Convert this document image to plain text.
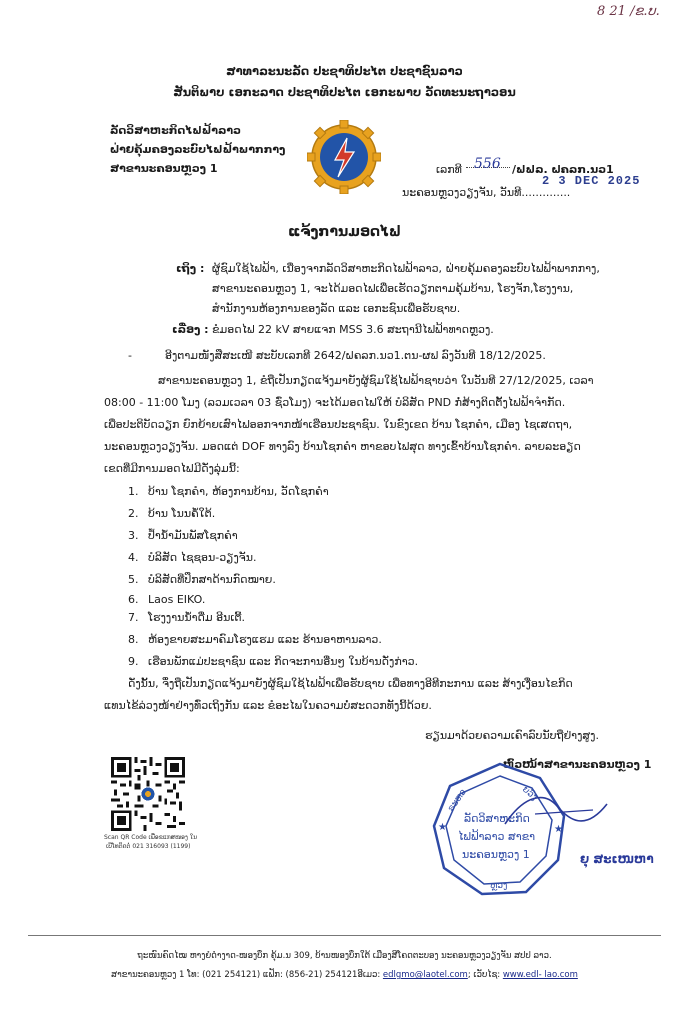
8 21 /ຂ.ບ.
ສາທາລະນະລັດ ປະຊາທິປະໄຕ ປະຊາຊົນລາວ
ສັນຕິພາບ ເອກະລາດ ປະຊາທິປະໄຕ ເອກະພາບ ວັດທະນະຖາວອນ
ລັດວິສາຫະກິດໄຟຟ້າລາວ
ຝ່າຍຄຸ້ມຄອງລະບົບໄຟຟ້າພາກກາງ
ສາຂານະຄອນຫຼວງ 1	ເລກທີ 556 /ຟຟລ. ຝຄລກ.ນວ1
2 3 DEC 2025
ນະຄອນຫຼວງວຽງຈັນ, ວັນທີ..............
ແຈ້ງການມອດໄຟ
ເຖິງ : ຜູ້ຊົມໃຊ້ໄຟຟ້າ, ເນື່ອງຈາກລັດວິສາຫະກິດໄຟຟ້າລາວ, ຝ່າຍຄຸ້ມຄອງລະບົບໄຟຟ້າພາກກາງ,
ສາຂານະຄອນຫຼວງ 1, ຈະໄດ້ມອດໄຟເພື່ອເຮັດວຽກຕາມຄຸ້ມບ້ານ, ໂຮງຈັກ,ໂຮງງານ,
ສຳນັກງານຫ້ອງການຂອງລັດ ແລະ ເອກະຊົນເພື່ອຮັບຊາບ.
ເລື່ອງ : ຂໍມອດໄຟ 22 kV ສາຍແຈກ MSS 3.6 ສະຖານີໄຟຟ້າທາດຫຼວງ.
-	ອີງຕາມໜັງສືສະເໜີ ສະບັບເລກທີ 2642/ຝຄລກ.ນວ1.ຕນ-ຜຟ ລົງວັນທີ 18/12/2025.
ສາຂານະຄອນຫຼວງ 1, ຂໍຖືເປັນກຽດແຈ້ງມາຍັງຜູ້ຊົມໃຊ້ໄຟຟ້າຊາບວ່າ ໃນວັນທີ 27/12/2025, ເວລາ
08:00 - 11:00 ໂມງ (ລວມເວລາ 03 ຊົ່ວໂມງ) ຈະໄດ້ມອດໄຟໃຫ້ ບໍລິສັດ PND ກໍ່ສ້າງຕິດຕັ້ງໄຟຟ້າຈຳກັດ.
ເພື່ອປະຕິບັດວຽກ ຍົກຍ້າຍເສົາໄຟອອກຈາກໜ້າເຮືອນປະຊາຊົນ. ໃນຂົງເຂດ ບ້ານ ໂຊກຄຳ, ເມືອງ ໄຊເສດຖາ,
ນະຄອນຫຼວງວຽງຈັນ. ມອດແຕ່ DOF ທາງລົງ ບ້ານໂຊກຄຳ ຫາຂອບໄຟສຸດ ທາງເຂົ້າບ້ານໂຊກຄຳ. ລາຍລະອຽດ
ເຂດທີ່ມີການມອດໄຟມີດັ່ງລຸ່ມນີ້:
1. ບ້ານ ໂຊກຄຳ, ຫ້ອງການບ້ານ, ວັດໂຊກຄຳ
2. ບ້ານ ໂນນຄໍ້ໃຕ້.
3. ປໍ້ານ້ຳມັນພັສໂຊກຄຳ
4. ບໍລິສັດ ໄຊຊອນ-ວຽງຈັນ.
5. ບໍລິສັດທີ່ປຶກສາດ້ານກົດໝາຍ.
6. Laos EIKO.
7. ໂຮງງານນ້ຳດື່ມ ອີນເຕີ້.
8. ຫ້ອງຂາຍສະມາຄົມໂຮງແຮມ ແລະ ຮ້ານອາຫານລາວ.
9. ເຮືອນພັກແມ່ປະຊາຊົນ ແລະ ກິດຈະການອື່ນໆ ໃນບ້ານດັ່ງກ່າວ.
ດັ່ງນັ້ນ, ຈຶ່ງຖືເປັນກຽດແຈ້ງມາຍັງຜູ້ຊົມໃຊ້ໄຟຟ້າເພື່ອຮັບຊາບ ເພື່ອທາງອີທີກະການ ແລະ ສ້າງເງື່ອນໄຂກິດ
ແທນໄຂ້ລ່ວງໜ້າຢ່າງທົ່ວເຖິງກັນ ແລະ ຂໍອະໄພໃນຄວາມບໍ່ສະດວກທັງນີ້ດ້ວຍ.
ຮຽນມາດ້ວຍຄວາມເຄົາລົບນັບຖືຢ່າງສູງ.
Scan QR Code ເພື່ອຂແກສໜອງ ໃນ
ເບີໂທຕິດຕໍ່ 021 316093 (1199)
ຫົວໜ້າສາຂານະຄອນຫຼວງ 1
ຣະຫວ	ຍວົງ
ຫຼວງ
ລັດວິສາຫະກິດ
ໄຟຟ້າລາວ ສາຂາ
ນະຄອນຫຼວງ 1
★	★
ຍຸ ສະເໜຫາ
ຖະໜົນຄົດໄໝ ຫາງຍໍດໍາງາດ-ໜອງບຶກ ຄຸ້ມ.ນ 309, ບ້ານໜອງບຶກໃຕ້ ເມືອງສີໂຄດຕະບອງ ນະຄອນຫຼວງວຽງຈັນ ສປປ ລາວ.
ສາຂານະຄອນຫຼວງ 1 ໂທ: (021 254121) ແຟັກ: (856-21) 254121ອີເມວ: edlgmo@laotel.com; ເວັບໄຊ: www.edl- lao.com
